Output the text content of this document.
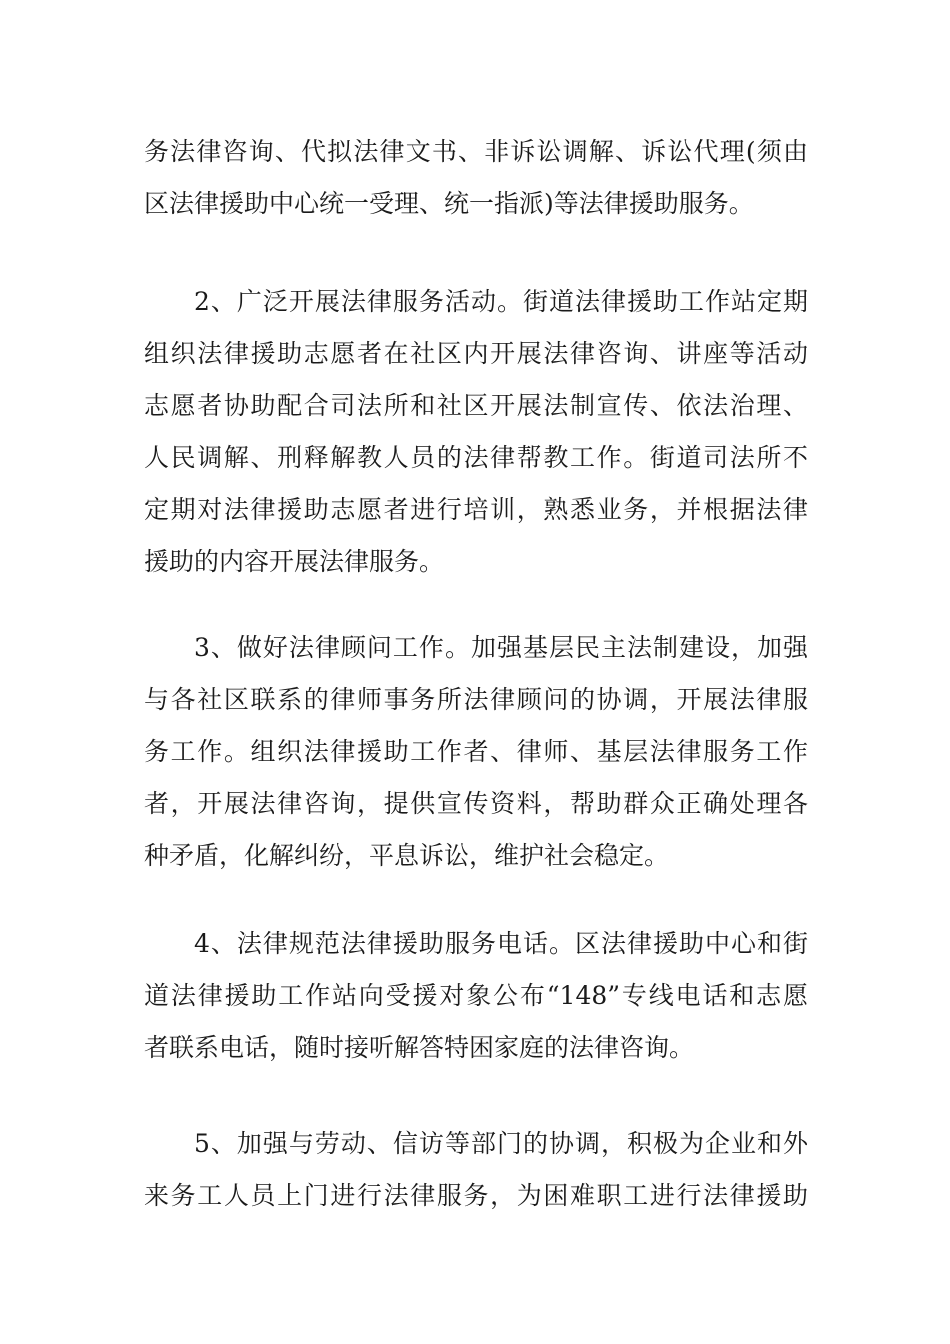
务法律咨询、代拟法律文书、非诉讼调解、诉讼代理(须由
区法律援助中心统一受理、统一指派)等法律援助服务。
2、广泛开展法律服务活动。街道法律援助工作站定期
组织法律援助志愿者在社区内开展法律咨询、讲座等活动
志愿者协助配合司法所和社区开展法制宣传、依法治理、
人民调解、刑释解教人员的法律帮教工作。街道司法所不
定期对法律援助志愿者进行培训，熟悉业务，并根据法律
援助的内容开展法律服务。
3、做好法律顾问工作。加强基层民主法制建设，加强
与各社区联系的律师事务所法律顾问的协调，开展法律服
务工作。组织法律援助工作者、律师、基层法律服务工作
者，开展法律咨询，提供宣传资料，帮助群众正确处理各
种矛盾，化解纠纷，平息诉讼，维护社会稳定。
4、法律规范法律援助服务电话。区法律援助中心和街
道法律援助工作站向受援对象公布“148”专线电话和志愿
者联系电话，随时接听解答特困家庭的法律咨询。
5、加强与劳动、信访等部门的协调，积极为企业和外
来务工人员上门进行法律服务，为困难职工进行法律援助
